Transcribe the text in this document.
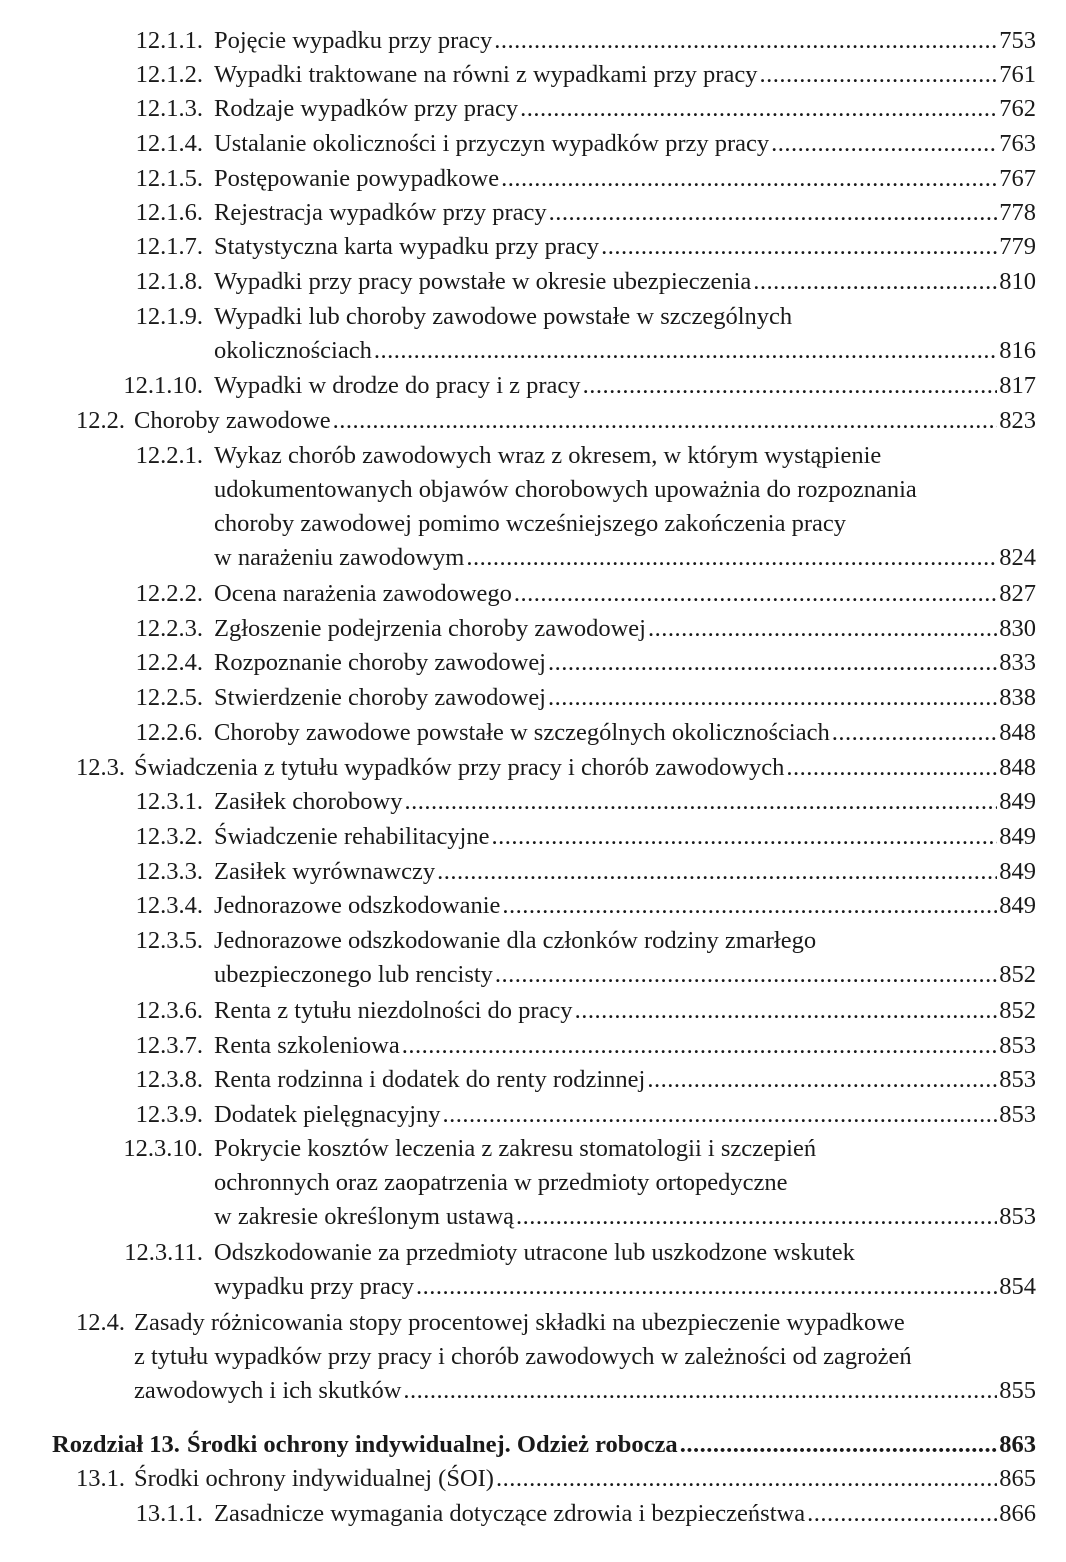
12.1.1. Pojęcie wypadku przy pracy .....	753
12.1.2. Wypadki traktowane na równi z wypadkami przy pracy .....	761
12.1.3. Rodzaje wypadków przy pracy .....	762
12.1.4. Ustalanie okoliczności i przyczyn wypadków przy pracy .....	763
12.1.5. Postępowanie powypadkowe .....	767
12.1.6. Rejestracja wypadków przy pracy .....	778
12.1.7. Statystyczna karta wypadku przy pracy .....	779
12.1.8. Wypadki przy pracy powstałe w okresie ubezpieczenia .....	810
12.1.9. Wypadki lub choroby zawodowe powstałe w szczególnych
okolicznościach .....	816
12.1.10. Wypadki w drodze do pracy i z pracy .....	817
12.2. Choroby zawodowe .....	823
12.2.1. Wykaz chorób zawodowych wraz z okresem, w którym wystąpienie
udokumentowanych objawów chorobowych upoważnia do rozpoznania
choroby zawodowej pomimo wcześniejszego zakończenia pracy
w narażeniu zawodowym .....	824
12.2.2. Ocena narażenia zawodowego .....	827
12.2.3. Zgłoszenie podejrzenia choroby zawodowej .....	830
12.2.4. Rozpoznanie choroby zawodowej .....	833
12.2.5. Stwierdzenie choroby zawodowej .....	838
12.2.6. Choroby zawodowe powstałe w szczególnych okolicznościach .....	848
12.3. Świadczenia z tytułu wypadków przy pracy i chorób zawodowych .....	848
12.3.1. Zasiłek chorobowy .....	849
12.3.2. Świadczenie rehabilitacyjne .....	849
12.3.3. Zasiłek wyrównawczy .....	849
12.3.4. Jednorazowe odszkodowanie .....	849
12.3.5. Jednorazowe odszkodowanie dla członków rodziny zmarłego
ubezpieczonego lub rencisty .....	852
12.3.6. Renta z tytułu niezdolności do pracy .....	852
12.3.7. Renta szkoleniowa .....	853
12.3.8. Renta rodzinna i dodatek do renty rodzinnej .....	853
12.3.9. Dodatek pielęgnacyjny .....	853
12.3.10. Pokrycie kosztów leczenia z zakresu stomatologii i szczepień
ochronnych oraz zaopatrzenia w przedmioty ortopedyczne
w zakresie określonym ustawą .....	853
12.3.11. Odszkodowanie za przedmioty utracone lub uszkodzone wskutek
wypadku przy pracy .....	854
12.4. Zasady różnicowania stopy procentowej składki na ubezpieczenie wypadkowe
z tytułu wypadków przy pracy i chorób zawodowych w zależności od zagrożeń
zawodowych i ich skutków .....	855
Rozdział 13. Środki ochrony indywidualnej. Odzież robocza .....	863
13.1. Środki ochrony indywidualnej (ŚOI) .....	865
13.1.1. Zasadnicze wymagania dotyczące zdrowia i bezpieczeństwa .....	866
